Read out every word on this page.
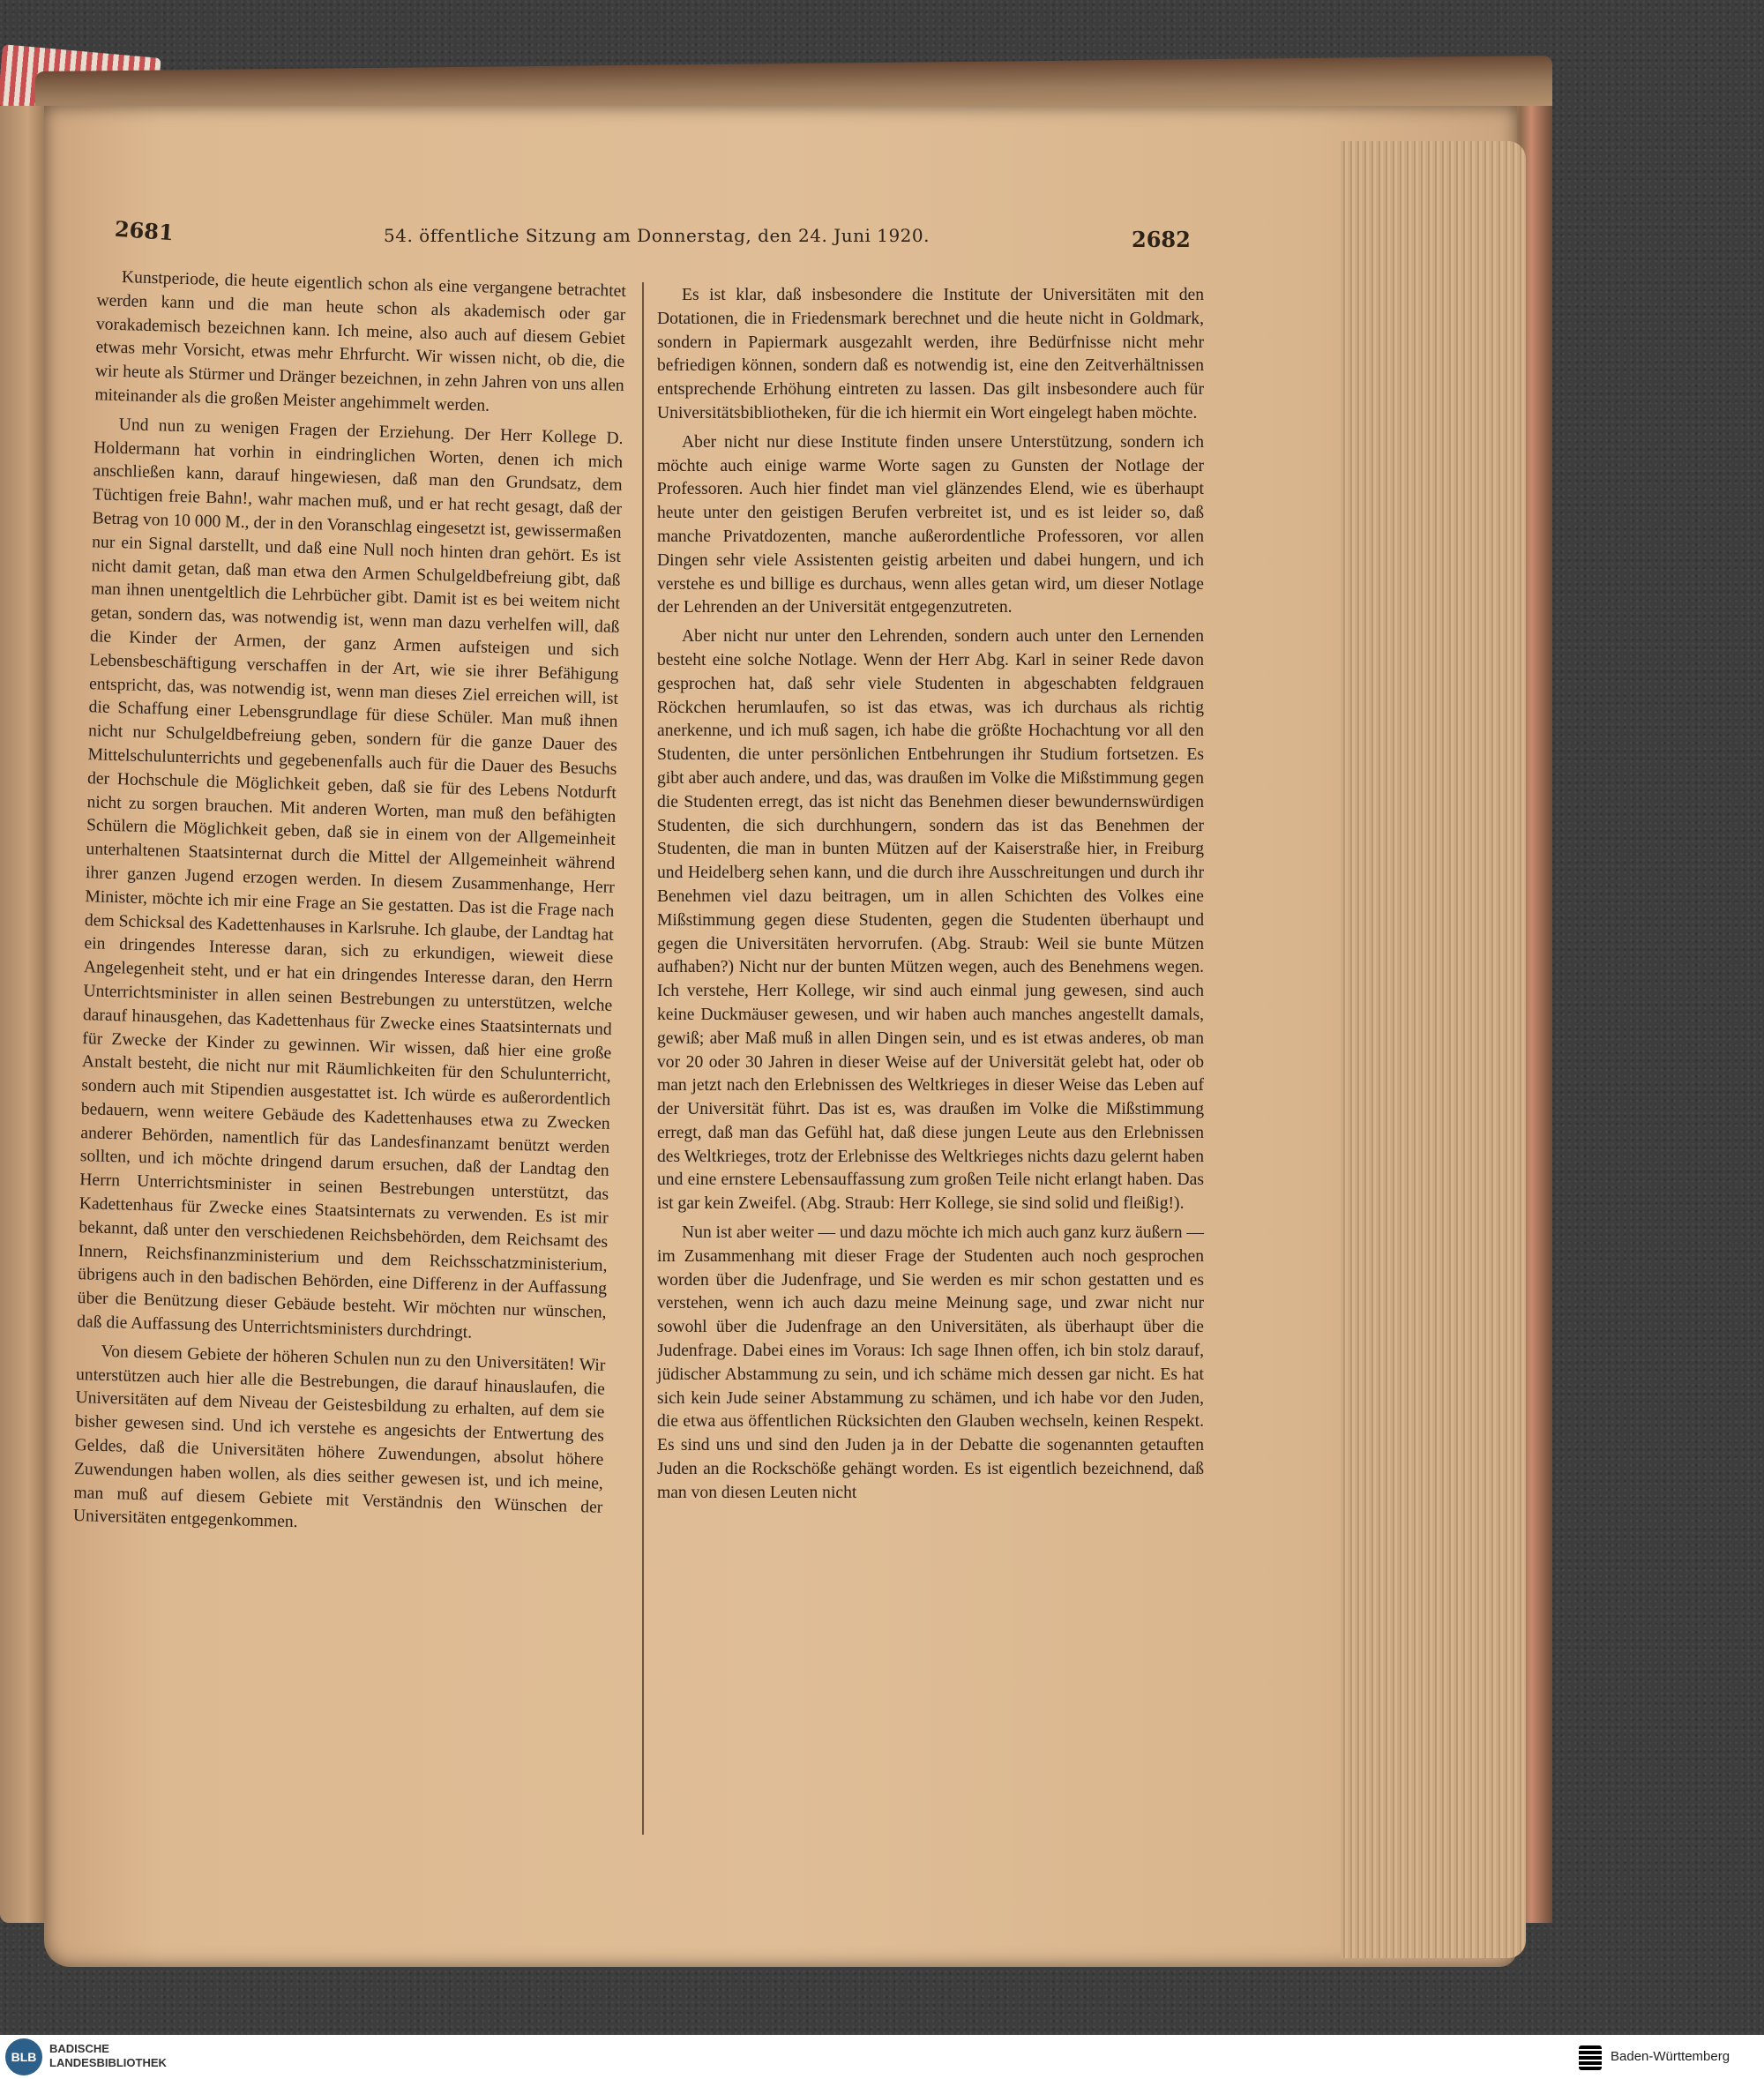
2681	54. öffentliche Sitzung am Donnerstag, den 24. Juni 1920.	2682

Kunstperiode, die heute eigentlich schon als eine vergangene betrachtet werden kann und die man heute schon als akademisch oder gar vorakademisch bezeichnen kann. Ich meine, also auch auf diesem Gebiet etwas mehr Vorsicht, etwas mehr Ehrfurcht. Wir wissen nicht, ob die, die wir heute als Stürmer und Dränger bezeichnen, in zehn Jahren von uns allen miteinander als die großen Meister angehimmelt werden.

Und nun zu wenigen Fragen der Erziehung. Der Herr Kollege D. Holdermann hat vorhin in eindringlichen Worten, denen ich mich anschließen kann, darauf hingewiesen, daß man den Grundsatz, dem Tüchtigen freie Bahn!, wahr machen muß, und er hat recht gesagt, daß der Betrag von 10 000 M., der in den Voranschlag eingesetzt ist, gewissermaßen nur ein Signal darstellt, und daß eine Null noch hinten dran gehört. Es ist nicht damit getan, daß man etwa den Armen Schulgeldbefreiung gibt, daß man ihnen unentgeltlich die Lehrbücher gibt. Damit ist es bei weitem nicht getan, sondern das, was notwendig ist, wenn man dazu verhelfen will, daß die Kinder der Armen, der ganz Armen aufsteigen und sich Lebensbeschäftigung verschaffen in der Art, wie sie ihrer Befähigung entspricht, das, was notwendig ist, wenn man dieses Ziel erreichen will, ist die Schaffung einer Lebensgrundlage für diese Schüler. Man muß ihnen nicht nur Schulgeldbefreiung geben, sondern für die ganze Dauer des Mittelschulunterrichts und gegebenenfalls auch für die Dauer des Besuchs der Hochschule die Möglichkeit geben, daß sie für des Lebens Notdurft nicht zu sorgen brauchen. Mit anderen Worten, man muß den befähigten Schülern die Möglichkeit geben, daß sie in einem von der Allgemeinheit unterhaltenen Staatsinternat durch die Mittel der Allgemeinheit während ihrer ganzen Jugend erzogen werden. In diesem Zusammenhange, Herr Minister, möchte ich mir eine Frage an Sie gestatten. Das ist die Frage nach dem Schicksal des Kadettenhauses in Karlsruhe. Ich glaube, der Landtag hat ein dringendes Interesse daran, sich zu erkundigen, wieweit diese Angelegenheit steht, und er hat ein dringendes Interesse daran, den Herrn Unterrichtsminister in allen seinen Bestrebungen zu unterstützen, welche darauf hinausgehen, das Kadettenhaus für Zwecke eines Staatsinternats und für Zwecke der Kinder zu gewinnen. Wir wissen, daß hier eine große Anstalt besteht, die nicht nur mit Räumlichkeiten für den Schulunterricht, sondern auch mit Stipendien ausgestattet ist. Ich würde es außerordentlich bedauern, wenn weitere Gebäude des Kadettenhauses etwa zu Zwecken anderer Behörden, namentlich für das Landesfinanzamt benützt werden sollten, und ich möchte dringend darum ersuchen, daß der Landtag den Herrn Unterrichtsminister in seinen Bestrebungen unterstützt, das Kadettenhaus für Zwecke eines Staatsinternats zu verwenden. Es ist mir bekannt, daß unter den verschiedenen Reichsbehörden, dem Reichsamt des Innern, Reichsfinanzministerium und dem Reichsschatzministerium, übrigens auch in den badischen Behörden, eine Differenz in der Auffassung über die Benützung dieser Gebäude besteht. Wir möchten nur wünschen, daß die Auffassung des Unterrichtsministers durchdringt.

Von diesem Gebiete der höheren Schulen nun zu den Universitäten! Wir unterstützen auch hier alle die Bestrebungen, die darauf hinauslaufen, die Universitäten auf dem Niveau der Geistesbildung zu erhalten, auf dem sie bisher gewesen sind. Und ich verstehe es angesichts der Entwertung des Geldes, daß die Universitäten höhere Zuwendungen, absolut höhere Zuwendungen haben wollen, als dies seither gewesen ist, und ich meine, man muß auf diesem Gebiete mit Verständnis den Wünschen der Universitäten entgegenkommen.

Es ist klar, daß insbesondere die Institute der Universitäten mit den Dotationen, die in Friedensmark berechnet und die heute nicht in Goldmark, sondern in Papiermark ausgezahlt werden, ihre Bedürfnisse nicht mehr befriedigen können, sondern daß es notwendig ist, eine den Zeitverhältnissen entsprechende Erhöhung eintreten zu lassen. Das gilt insbesondere auch für Universitätsbibliotheken, für die ich hiermit ein Wort eingelegt haben möchte.

Aber nicht nur diese Institute finden unsere Unterstützung, sondern ich möchte auch einige warme Worte sagen zu Gunsten der Notlage der Professoren. Auch hier findet man viel glänzendes Elend, wie es überhaupt heute unter den geistigen Berufen verbreitet ist, und es ist leider so, daß manche Privatdozenten, manche außerordentliche Professoren, vor allen Dingen sehr viele Assistenten geistig arbeiten und dabei hungern, und ich verstehe es und billige es durchaus, wenn alles getan wird, um dieser Notlage der Lehrenden an der Universität entgegenzutreten.

Aber nicht nur unter den Lehrenden, sondern auch unter den Lernenden besteht eine solche Notlage. Wenn der Herr Abg. Karl in seiner Rede davon gesprochen hat, daß sehr viele Studenten in abgeschabten feldgrauen Röckchen herumlaufen, so ist das etwas, was ich durchaus als richtig anerkenne, und ich muß sagen, ich habe die größte Hochachtung vor all den Studenten, die unter persönlichen Entbehrungen ihr Studium fortsetzen. Es gibt aber auch andere, und das, was draußen im Volke die Mißstimmung gegen die Studenten erregt, das ist nicht das Benehmen dieser bewundernswürdigen Studenten, die sich durchhungern, sondern das ist das Benehmen der Studenten, die man in bunten Mützen auf der Kaiserstraße hier, in Freiburg und Heidelberg sehen kann, und die durch ihre Ausschreitungen und durch ihr Benehmen viel dazu beitragen, um in allen Schichten des Volkes eine Mißstimmung gegen diese Studenten, gegen die Studenten überhaupt und gegen die Universitäten hervorrufen. (Abg. Straub: Weil sie bunte Mützen aufhaben?) Nicht nur der bunten Mützen wegen, auch des Benehmens wegen. Ich verstehe, Herr Kollege, wir sind auch einmal jung gewesen, sind auch keine Duckmäuser gewesen, und wir haben auch manches angestellt damals, gewiß; aber Maß muß in allen Dingen sein, und es ist etwas anderes, ob man vor 20 oder 30 Jahren in dieser Weise auf der Universität gelebt hat, oder ob man jetzt nach den Erlebnissen des Weltkrieges in dieser Weise das Leben auf der Universität führt. Das ist es, was draußen im Volke die Mißstimmung erregt, daß man das Gefühl hat, daß diese jungen Leute aus den Erlebnissen des Weltkrieges, trotz der Erlebnisse des Weltkrieges nichts dazu gelernt haben und eine ernstere Lebensauffassung zum großen Teile nicht erlangt haben. Das ist gar kein Zweifel. (Abg. Straub: Herr Kollege, sie sind solid und fleißig!).

Nun ist aber weiter — und dazu möchte ich mich auch ganz kurz äußern — im Zusammenhang mit dieser Frage der Studenten auch noch gesprochen worden über die Judenfrage, und Sie werden es mir schon gestatten und es verstehen, wenn ich auch dazu meine Meinung sage, und zwar nicht nur sowohl über die Judenfrage an den Universitäten, als überhaupt über die Judenfrage. Dabei eines im Voraus: Ich sage Ihnen offen, ich bin stolz darauf, jüdischer Abstammung zu sein, und ich schäme mich dessen gar nicht. Es hat sich kein Jude seiner Abstammung zu schämen, und ich habe vor den Juden, die etwa aus öffentlichen Rücksichten den Glauben wechseln, keinen Respekt. Es sind uns und sind den Juden ja in der Debatte die sogenannten getauften Juden an die Rockschöße gehängt worden. Es ist eigentlich bezeichnend, daß man von diesen Leuten nicht

BLB
BADISCHE
LANDESBIBLIOTHEK	Baden-Württemberg
